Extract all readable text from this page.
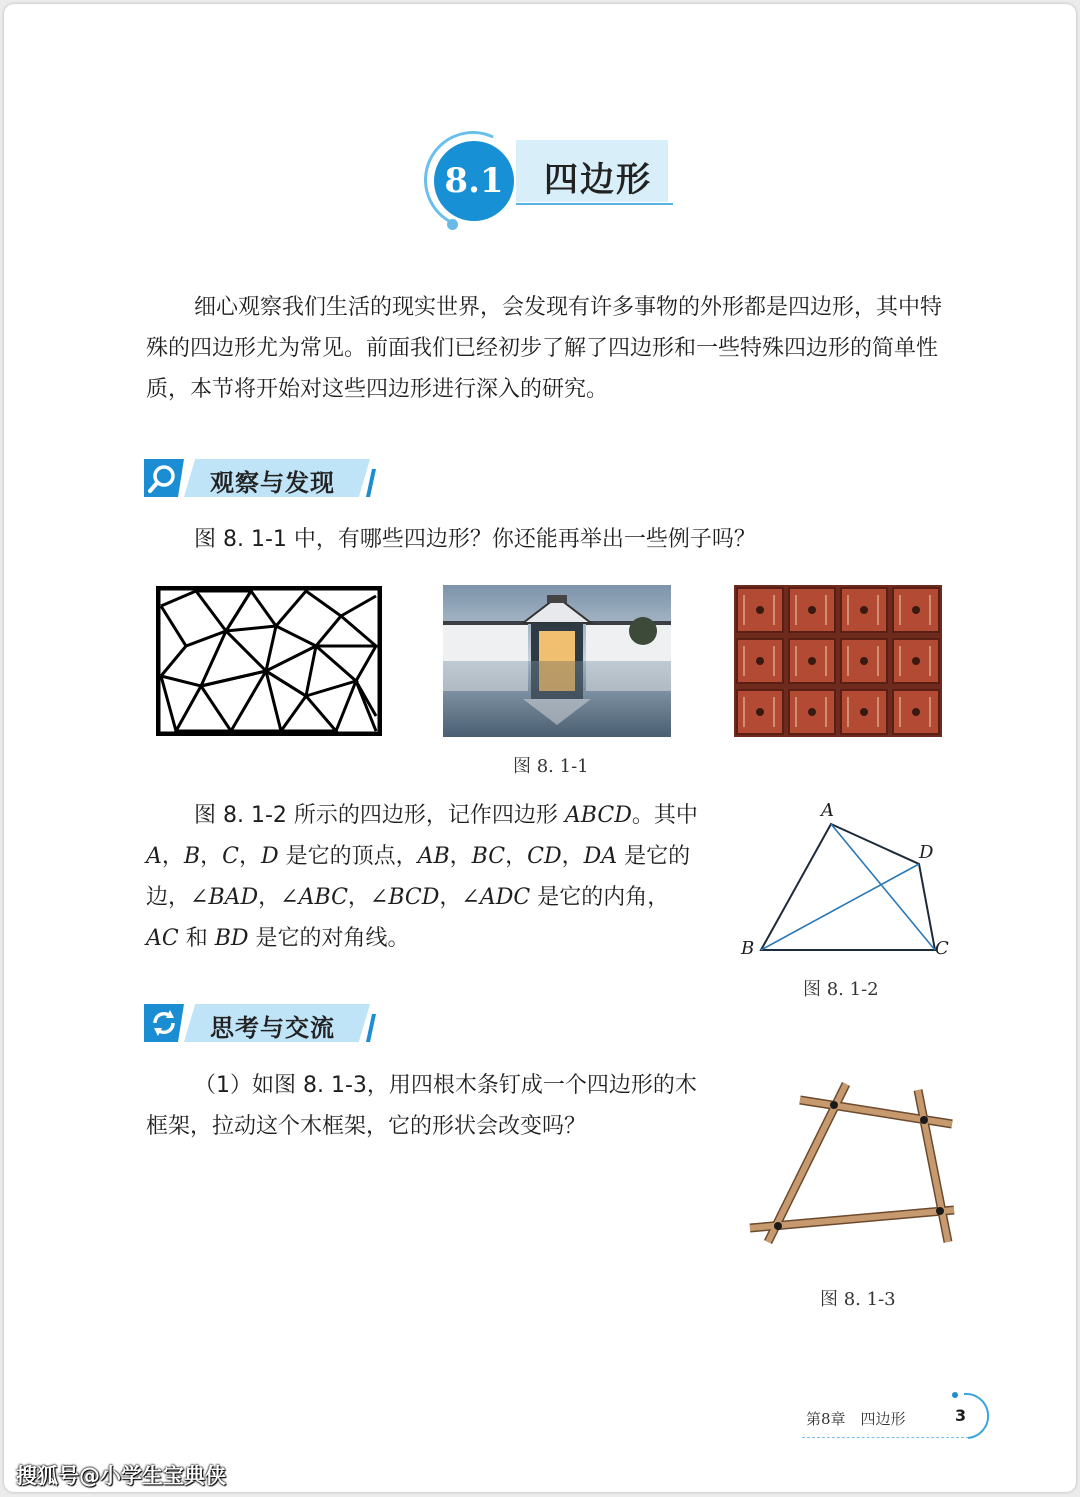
8.1	四边形

细心观察我们生活的现实世界，会发现有许多事物的外形都是四边形，其中特殊的四边形尤为常见。前面我们已经初步了解了四边形和一些特殊四边形的简单性质，本节将开始对这些四边形进行深入的研究。

观察与发现

图 8. 1-1 中，有哪些四边形？你还能再举出一些例子吗？

图 8. 1-1

图 8. 1-2 所示的四边形，记作四边形 ABCD。其中 A，B，C，D 是它的顶点，AB，BC，CD，DA 是它的边，∠BAD，∠ABC，∠BCD，∠ADC 是它的内角，AC 和 BD 是它的对角线。

A
B	C
D
图 8. 1-2
思考与交流

（1）如图 8. 1-3，用四根木条钉成一个四边形的木框架，拉动这个木框架，它的形状会改变吗？

图 8. 1-3
第8章　四边形	3
搜狐号@小学生宝典侠
